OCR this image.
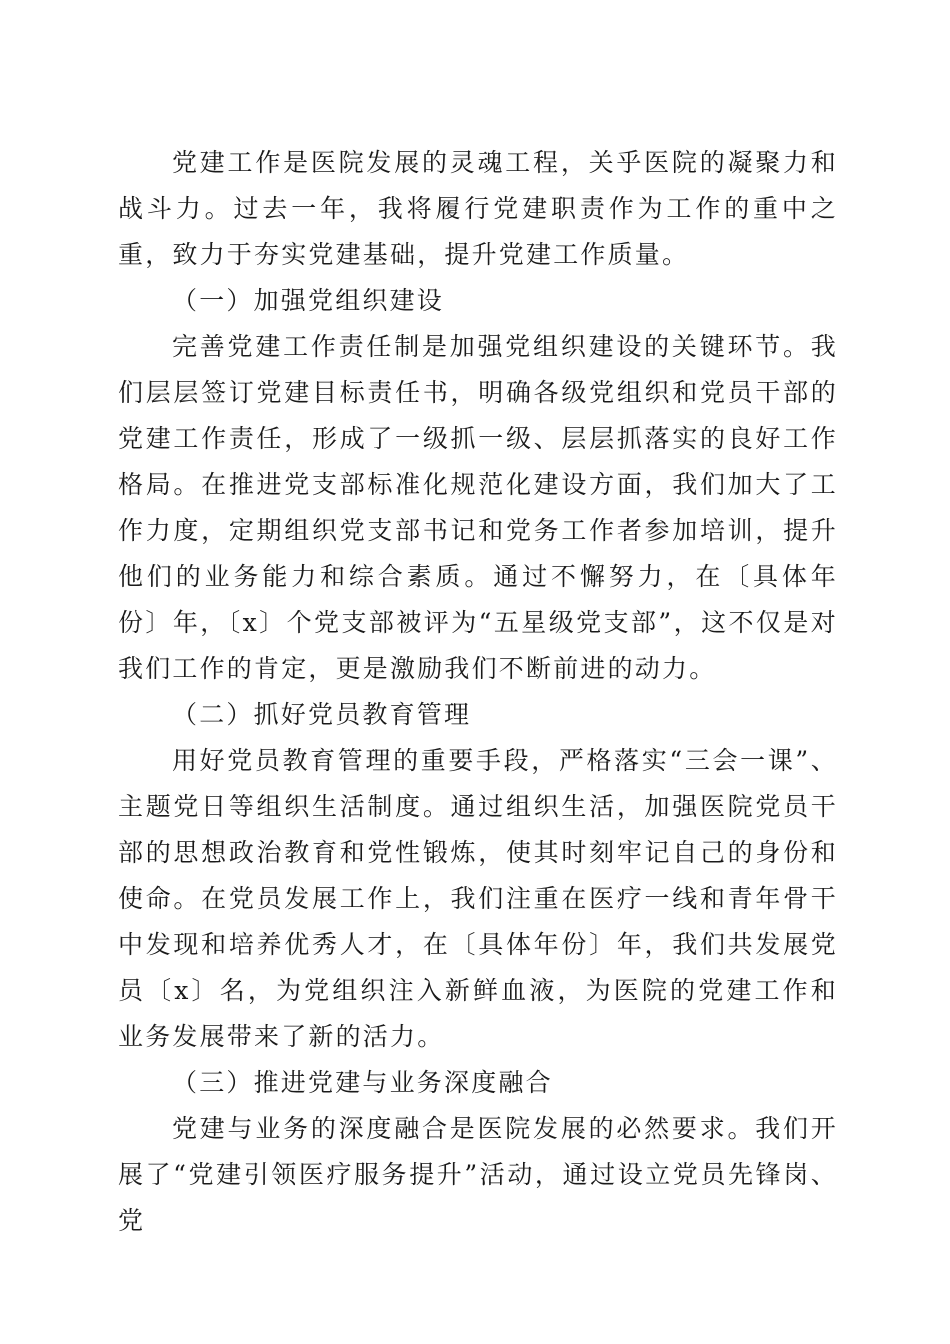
党建工作是医院发展的灵魂工程，关乎医院的凝聚力和战斗力。过去一年，我将履行党建职责作为工作的重中之重，致力于夯实党建基础，提升党建工作质量。

（一）加强党组织建设

完善党建工作责任制是加强党组织建设的关键环节。我们层层签订党建目标责任书，明确各级党组织和党员干部的党建工作责任，形成了一级抓一级、层层抓落实的良好工作格局。在推进党支部标准化规范化建设方面，我们加大了工作力度，定期组织党支部书记和党务工作者参加培训，提升他们的业务能力和综合素质。通过不懈努力，在〔具体年份〕年，〔x〕个党支部被评为“五星级党支部”，这不仅是对我们工作的肯定，更是激励我们不断前进的动力。

（二）抓好党员教育管理

用好党员教育管理的重要手段，严格落实“三会一课”、主题党日等组织生活制度。通过组织生活，加强医院党员干部的思想政治教育和党性锻炼，使其时刻牢记自己的身份和使命。在党员发展工作上，我们注重在医疗一线和青年骨干中发现和培养优秀人才，在〔具体年份〕年，我们共发展党员〔x〕名，为党组织注入新鲜血液，为医院的党建工作和业务发展带来了新的活力。

（三）推进党建与业务深度融合

党建与业务的深度融合是医院发展的必然要求。我们开展了“党建引领医疗服务提升”活动，通过设立党员先锋岗、党
